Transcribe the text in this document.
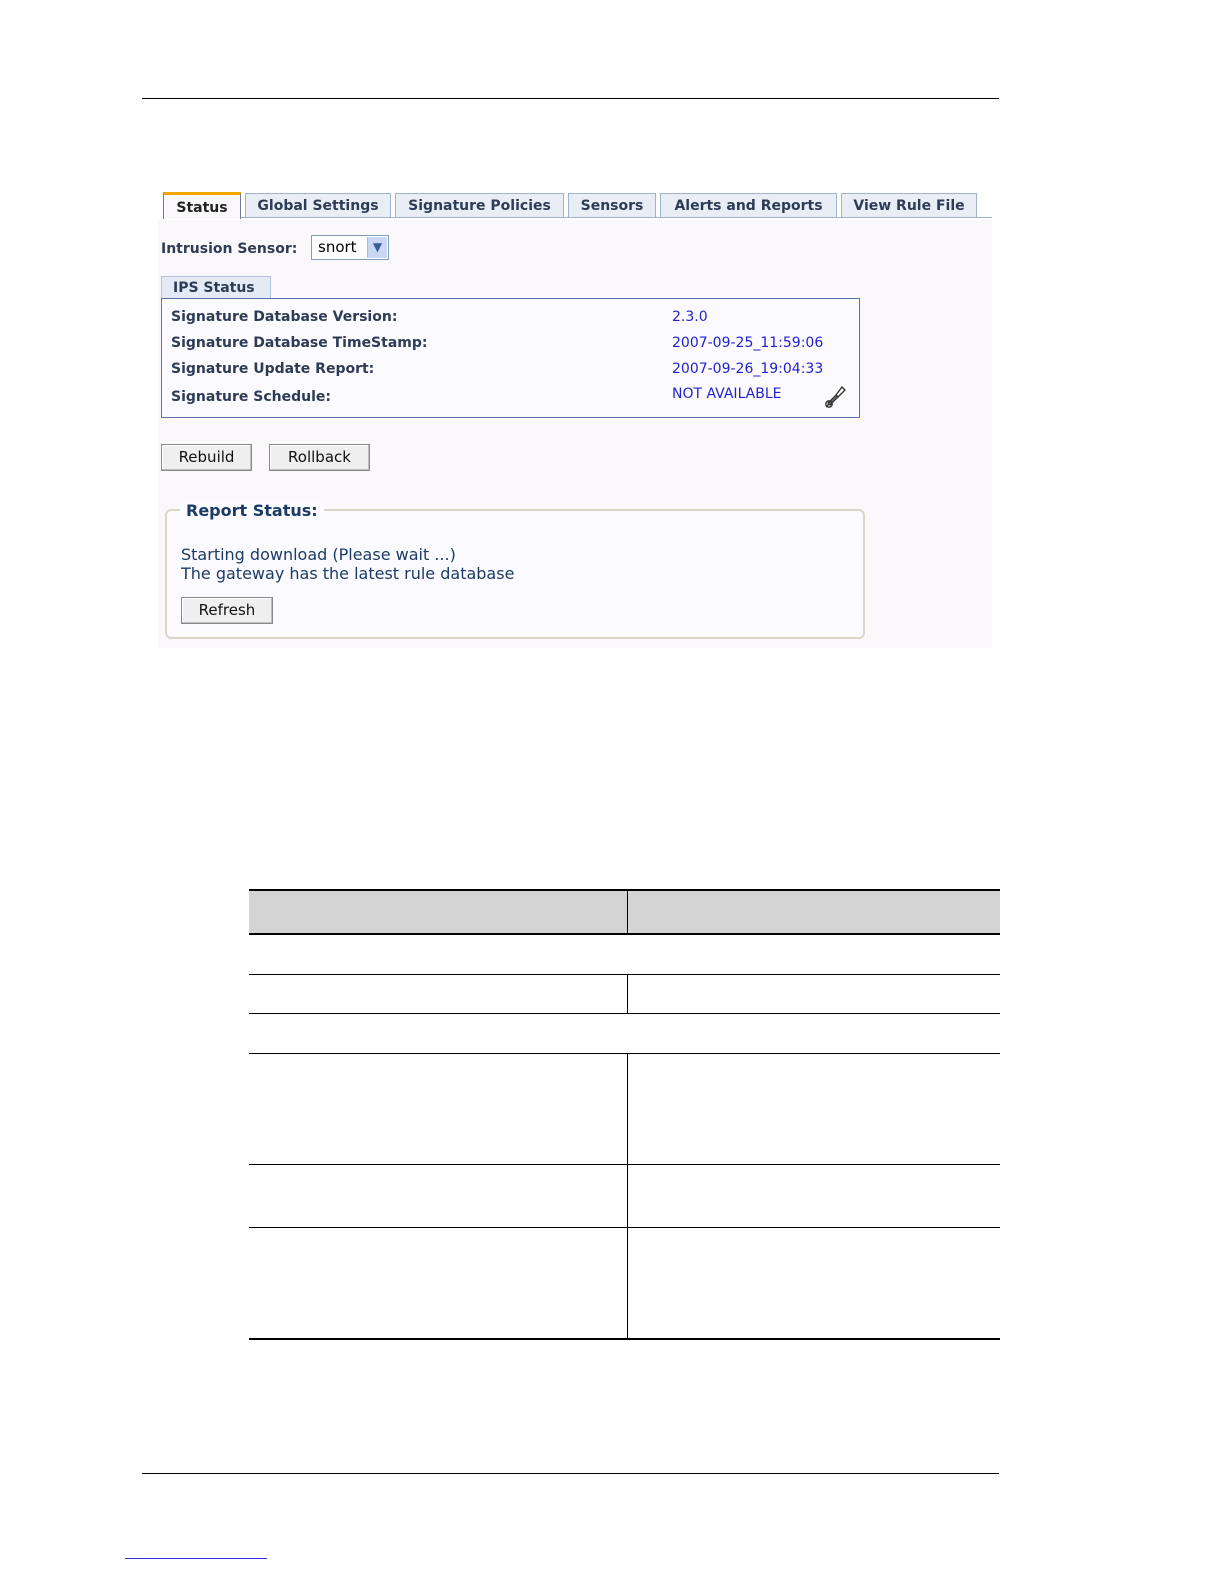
Status	Global Settings	Signature Policies	Sensors	Alerts and Reports	View Rule File
Intrusion Sensor:	snort	▼
IPS Status
Signature Database Version:	2.3.0
Signature Database TimeStamp:	2007-09-25_11:59:06
Signature Update Report:	2007-09-26_19:04:33
Signature Schedule:	NOT AVAILABLE
Rebuild	Rollback
Report Status:
Starting download (Please wait ...)
The gateway has the latest rule database
Refresh
